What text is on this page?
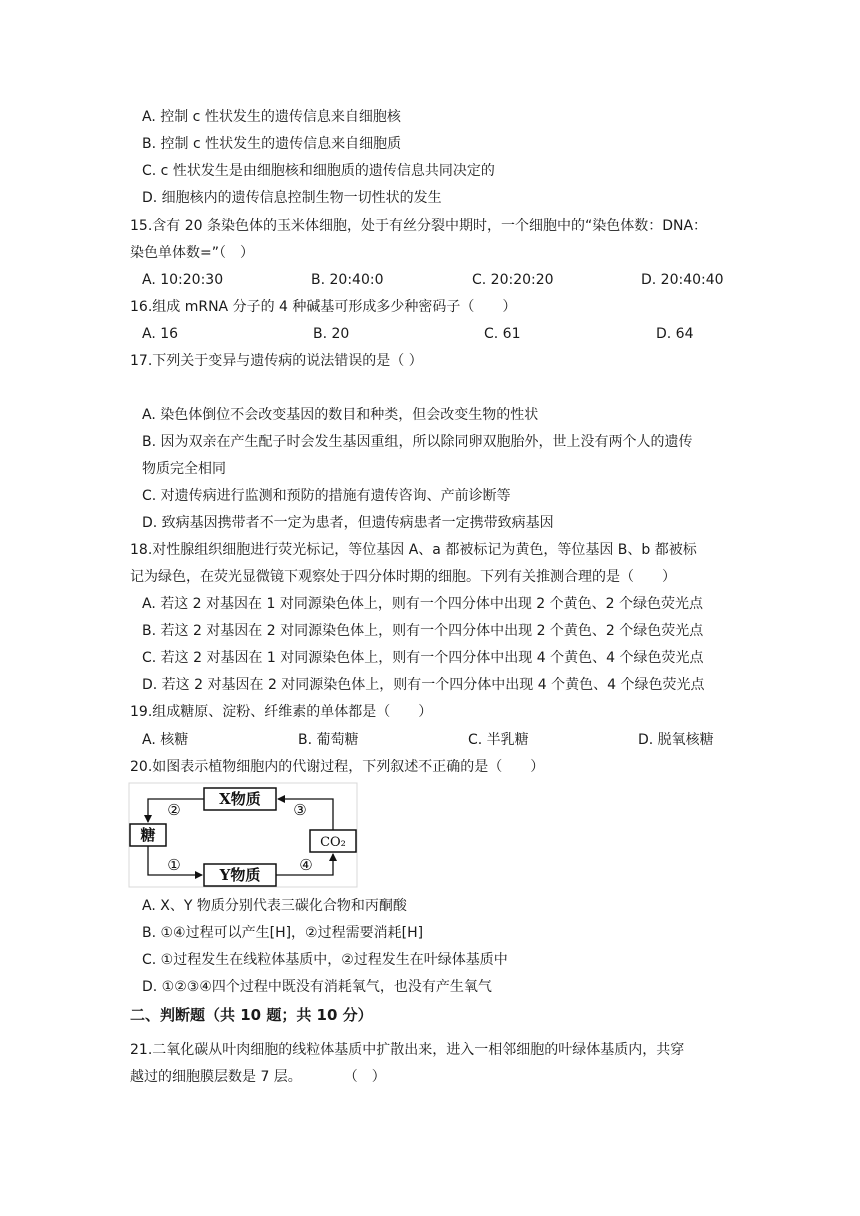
A. 控制 c 性状发生的遗传信息来自细胞核
B. 控制 c 性状发生的遗传信息来自细胞质
C. c 性状发生是由细胞核和细胞质的遗传信息共同决定的
D. 细胞核内的遗传信息控制生物一切性状的发生
15.含有 20 条染色体的玉米体细胞，处于有丝分裂中期时，一个细胞中的“染色体数：DNA：
染色单体数=”（　）
A. 10:20:30	B. 20:40:0	C. 20:20:20	D. 20:40:40
16.组成 mRNA 分子的 4 种碱基可形成多少种密码子（　　）
A. 16	B. 20	C. 61	D. 64
17.下列关于变异与遗传病的说法错误的是（ ）
A. 染色体倒位不会改变基因的数目和种类，但会改变生物的性状
B. 因为双亲在产生配子时会发生基因重组，所以除同卵双胞胎外，世上没有两个人的遗传
物质完全相同
C. 对遗传病进行监测和预防的措施有遗传咨询、产前诊断等
D. 致病基因携带者不一定为患者，但遗传病患者一定携带致病基因
18.对性腺组织细胞进行荧光标记，等位基因 A、a 都被标记为黄色，等位基因 B、b 都被标
记为绿色，在荧光显微镜下观察处于四分体时期的细胞。下列有关推测合理的是（　　）
A. 若这 2 对基因在 1 对同源染色体上，则有一个四分体中出现 2 个黄色、2 个绿色荧光点
B. 若这 2 对基因在 2 对同源染色体上，则有一个四分体中出现 2 个黄色、2 个绿色荧光点
C. 若这 2 对基因在 1 对同源染色体上，则有一个四分体中出现 4 个黄色、4 个绿色荧光点
D. 若这 2 对基因在 2 对同源染色体上，则有一个四分体中出现 4 个黄色、4 个绿色荧光点
19.组成糖原、淀粉、纤维素的单体都是（　　）
A. 核糖	B. 葡萄糖	C. 半乳糖	D. 脱氧核糖
20.如图表示植物细胞内的代谢过程，下列叙述不正确的是（　　）
X物质
糖	CO₂
Y物质
②	③
①	④
A. X、Y 物质分别代表三碳化合物和丙酮酸
B. ①④过程可以产生[H]，②过程需要消耗[H]
C. ①过程发生在线粒体基质中，②过程发生在叶绿体基质中
D. ①②③④四个过程中既没有消耗氧气，也没有产生氧气
二、判断题（共 10 题；共 10 分）
21.二氧化碳从叶肉细胞的线粒体基质中扩散出来，进入一相邻细胞的叶绿体基质内，共穿
越过的细胞膜层数是 7 层。　　　　（　）
